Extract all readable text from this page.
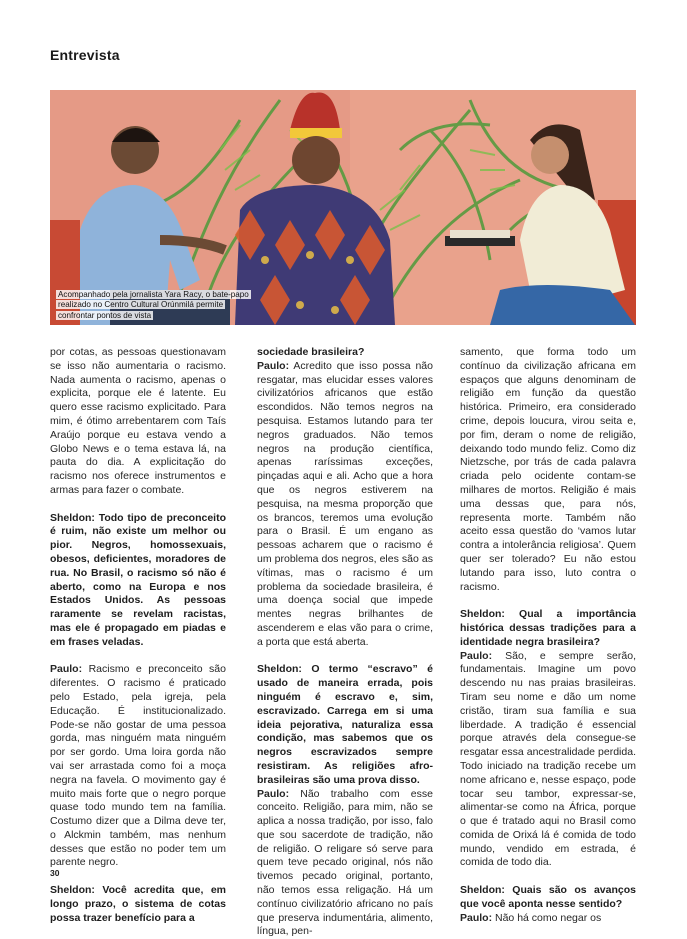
Entrevista
Acompanhado pela jornalista Yara Racy, o bate-papo realizado no Centro Cultural Orúnmilá permite confrontar pontos de vista

por cotas, as pessoas questionavam se isso não aumentaria o racismo. Nada aumenta o racismo, apenas o explicita, porque ele é latente. Eu quero esse racismo explicitado. Para mim, é ótimo arrebentarem com Taís Araújo porque eu estava vendo a Globo News e o tema estava lá, na pauta do dia. A explicitação do racismo nos oferece instrumentos e armas para fazer o combate.

Sheldon: Todo tipo de preconceito é ruim, não existe um melhor ou pior. Negros, homossexuais, obesos, deficientes, moradores de rua. No Brasil, o racismo só não é aberto, como na Europa e nos Estados Unidos. As pessoas raramente se revelam racistas, mas ele é propagado em piadas e em frases veladas.

Paulo: Racismo e preconceito são diferentes. O racismo é praticado pelo Estado, pela igreja, pela Educação. É institucionalizado. Pode-se não gostar de uma pessoa gorda, mas ninguém mata ninguém por ser gordo. Uma loira gorda não vai ser arrastada como foi a moça negra na favela. O movimento gay é muito mais forte que o negro porque quase todo mundo tem na família. Costumo dizer que a Dilma deve ter, o Alckmin também, mas nenhum desses que estão no poder tem um parente negro.

Sheldon: Você acredita que, em longo prazo, o sistema de cotas possa trazer benefício para a

sociedade brasileira?

Paulo: Acredito que isso possa não resgatar, mas elucidar esses valores civilizatórios africanos que estão escondidos. Não temos negros na pesquisa. Estamos lutando para ter negros graduados. Não temos negros na produção científica, apenas raríssimas exceções, pinçadas aqui e ali. Acho que a hora que os negros estiverem na pesquisa, na mesma proporção que os brancos, teremos uma evolução para o Brasil. É um engano as pessoas acharem que o racismo é um problema dos negros, eles são as vítimas, mas o racismo é um problema da sociedade brasileira, é uma doença social que impede mentes negras brilhantes de ascenderem e elas vão para o crime, a porta que está aberta.

Sheldon: O termo “escravo” é usado de maneira errada, pois ninguém é escravo e, sim, escravizado. Carrega em si uma ideia pejorativa, naturaliza essa condição, mas sabemos que os negros escravizados sempre resistiram. As religiões afro-brasileiras são uma prova disso.

Paulo: Não trabalho com esse conceito. Religião, para mim, não se aplica a nossa tradição, por isso, falo que sou sacerdote de tradição, não de religião. O religare só serve para quem teve pecado original, nós não tivemos pecado original, portanto, não temos essa religação. Há um contínuo civilizatório africano no país que preserva indumentária, alimento, língua, pen-

samento, que forma todo um contínuo da civilização africana em espaços que alguns denominam de religião em função da questão histórica. Primeiro, era considerado crime, depois loucura, virou seita e, por fim, deram o nome de religião, deixando todo mundo feliz. Como diz Nietzsche, por trás de cada palavra criada pelo ocidente contam-se milhares de mortos. Religião é mais uma dessas que, para nós, representa morte. Também não aceito essa questão do ‘vamos lutar contra a intolerância religiosa’. Quem quer ser tolerado? Eu não estou lutando para isso, luto contra o racismo.

Sheldon: Qual a importância histórica dessas tradições para a identidade negra brasileira?

Paulo: São, e sempre serão, fundamentais. Imagine um povo descendo nu nas praias brasileiras. Tiram seu nome e dão um nome cristão, tiram sua família e sua liberdade. A tradição é essencial porque através dela consegue-se resgatar essa ancestralidade perdida. Todo iniciado na tradição recebe um nome africano e, nesse espaço, pode tocar seu tambor, expressar-se, alimentar-se como na África, porque o que é tratado aqui no Brasil como comida de Orixá lá é comida de todo mundo, vendido em estrada, é comida de todo dia.

Sheldon: Quais são os avanços que você aponta nesse sentido?

Paulo: Não há como negar os

30
